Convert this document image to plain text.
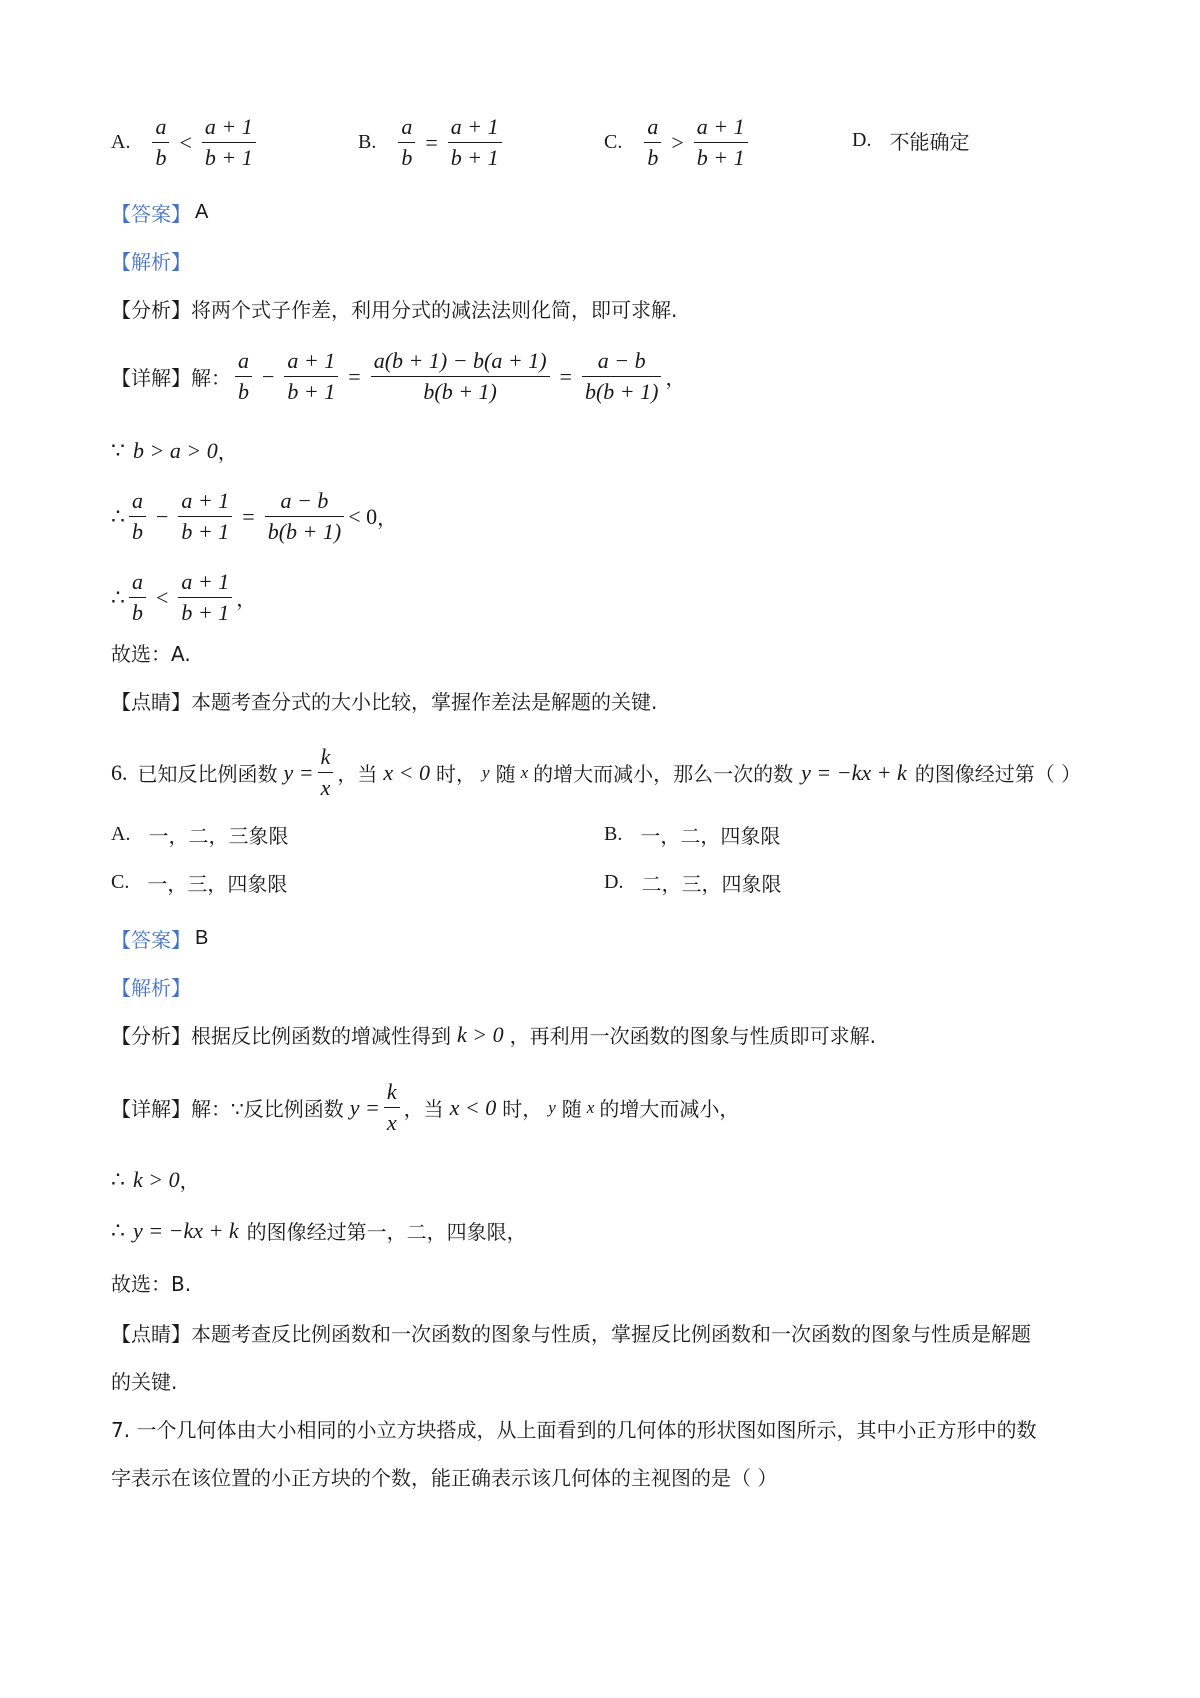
A. $\frac{a}{b} < \frac{a + 1}{b + 1}$	B. $\frac{a}{b} = \frac{a + 1}{b + 1}$	C. $\frac{a}{b} > \frac{a + 1}{b + 1}$	D. 不能确定
【答案】 A
【解析】
【分析】 将两个式子作差，利用分式的减法法则化简，即可求解.
【详解】 解： $\frac{a}{b} - \frac{a + 1}{b + 1} = \frac{a(b + 1) - b(a + 1)}{b(b + 1)} = \frac{a - b}{b(b + 1)}$ ，
∵ b > a > 0 ，
∴ $\frac{a}{b} - \frac{a + 1}{b + 1} = \frac{a - b}{b(b + 1)} < 0$ ，
∴ $\frac{a}{b} < \frac{a + 1}{b + 1}$ ，
故选：A.
【点睛】 本题考查分式的大小比较，掌握作差法是解题的关键.
6. 已知反比例函数 $y = \frac{k}{x}$ ，当 x < 0 时， y 随 x 的增大而减小，那么一次的数 y = −kx + k 的图像经过第（ ）
A. 一，二，三象限	B. 一，二，四象限
C. 一，三，四象限	D. 二，三，四象限
【答案】 B
【解析】
【分析】 根据反比例函数的增减性得到 k > 0 ，再利用一次函数的图象与性质即可求解.
【详解】 解：∵反比例函数 $y = \frac{k}{x}$ ，当 x < 0 时， y 随 x 的增大而减小，
∴ k > 0 ，
∴ y = −kx + k 的图像经过第一，二，四象限，
故选：B.
【点睛】 本题考查反比例函数和一次函数的图象与性质，掌握反比例函数和一次函数的图象与性质是解题
的关键.
7. 一个几何体由大小相同的小立方块搭成，从上面看到的几何体的形状图如图所示，其中小正方形中的数
字表示在该位置的小正方块的个数，能正确表示该几何体的主视图的是（ ）
